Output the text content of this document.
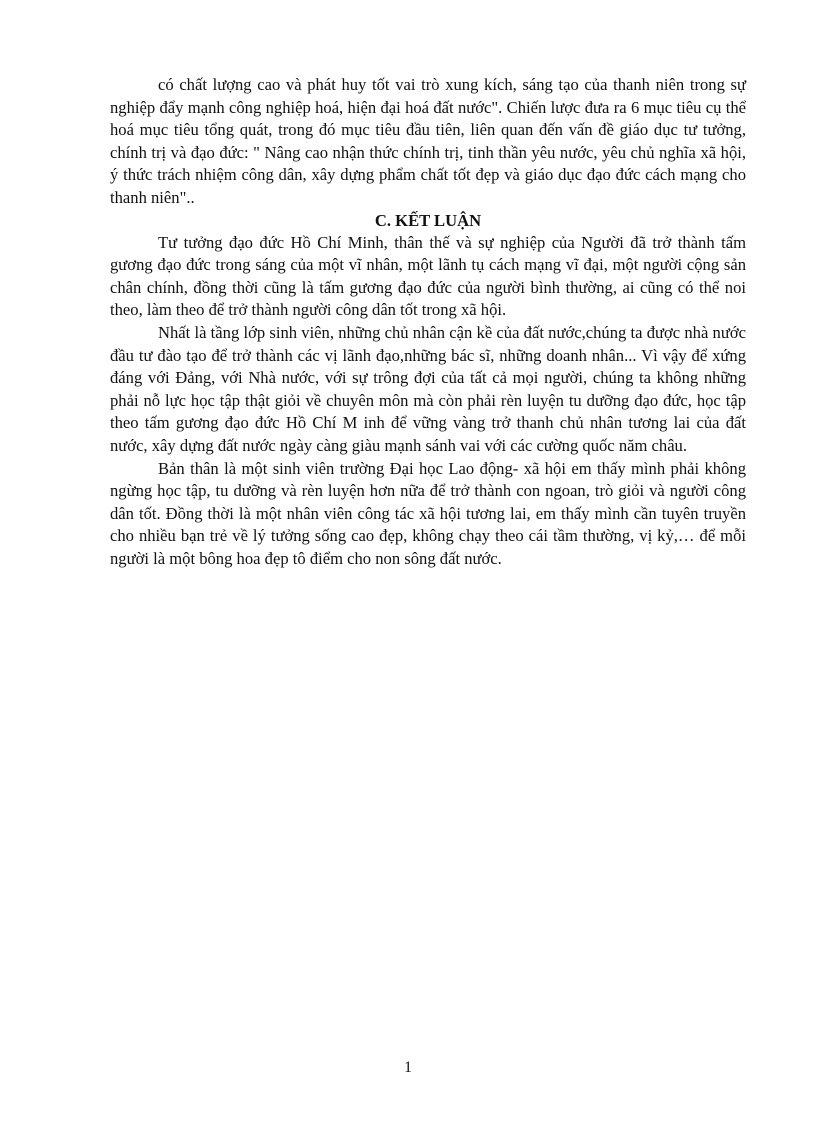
có chất lượng cao và phát huy tốt vai trò xung kích, sáng tạo của thanh niên trong sự nghiệp đẩy mạnh công nghiệp hoá, hiện đại hoá đất nước". Chiến lược đưa ra 6 mục tiêu cụ thể hoá mục tiêu tổng quát, trong đó mục tiêu đầu tiên, liên quan đến vấn đề giáo dục tư tưởng, chính trị và đạo đức: " Nâng cao nhận thức chính trị, tinh thần yêu nước, yêu chủ nghĩa xã hội, ý thức trách nhiệm công dân, xây dựng phẩm chất tốt đẹp và giáo dục đạo đức cách mạng cho thanh niên"..

C. KẾT LUẬN

Tư tưởng đạo đức Hồ Chí Minh, thân thế và sự nghiệp của Người đã trở thành tấm gương đạo đức trong sáng của một vĩ nhân, một lãnh tụ cách mạng vĩ đại, một người cộng sản chân chính, đồng thời cũng là tấm gương đạo đức của người bình thường, ai cũng có thể noi theo, làm theo để trở thành người công dân tốt trong xã hội.

Nhất là tầng lớp sinh viên, những chủ nhân cận kề của đất nước,chúng ta được nhà nước đầu tư đào tạo để trở thành các vị lãnh đạo,những bác sĩ, những doanh nhân... Vì vậy để xứng đáng với Đảng, với Nhà nước, với sự trông đợi của tất cả mọi người, chúng ta không những phải nỗ lực học tập thật giỏi về chuyên môn mà còn phải rèn luyện tu dưỡng đạo đức, học tập theo tấm gương đạo đức Hồ Chí M inh để vững vàng trở thanh chủ nhân tương lai của đất nước, xây dựng đất nước ngày càng giàu mạnh sánh vai với các cường quốc năm châu.

Bản thân là một sinh viên trường Đại học Lao động- xã hội em thấy mình phải không ngừng học tập, tu dưỡng và rèn luyện hơn nữa để trở thành con ngoan, trò giỏi và người công dân tốt. Đồng thời là một nhân viên công tác xã hội tương lai, em thấy mình cần tuyên truyền cho nhiều bạn trẻ về lý tưởng sống cao đẹp, không chạy theo cái tầm thường, vị kỷ,… để mỗi người là một bông hoa đẹp tô điểm cho non sông đất nước.

1
